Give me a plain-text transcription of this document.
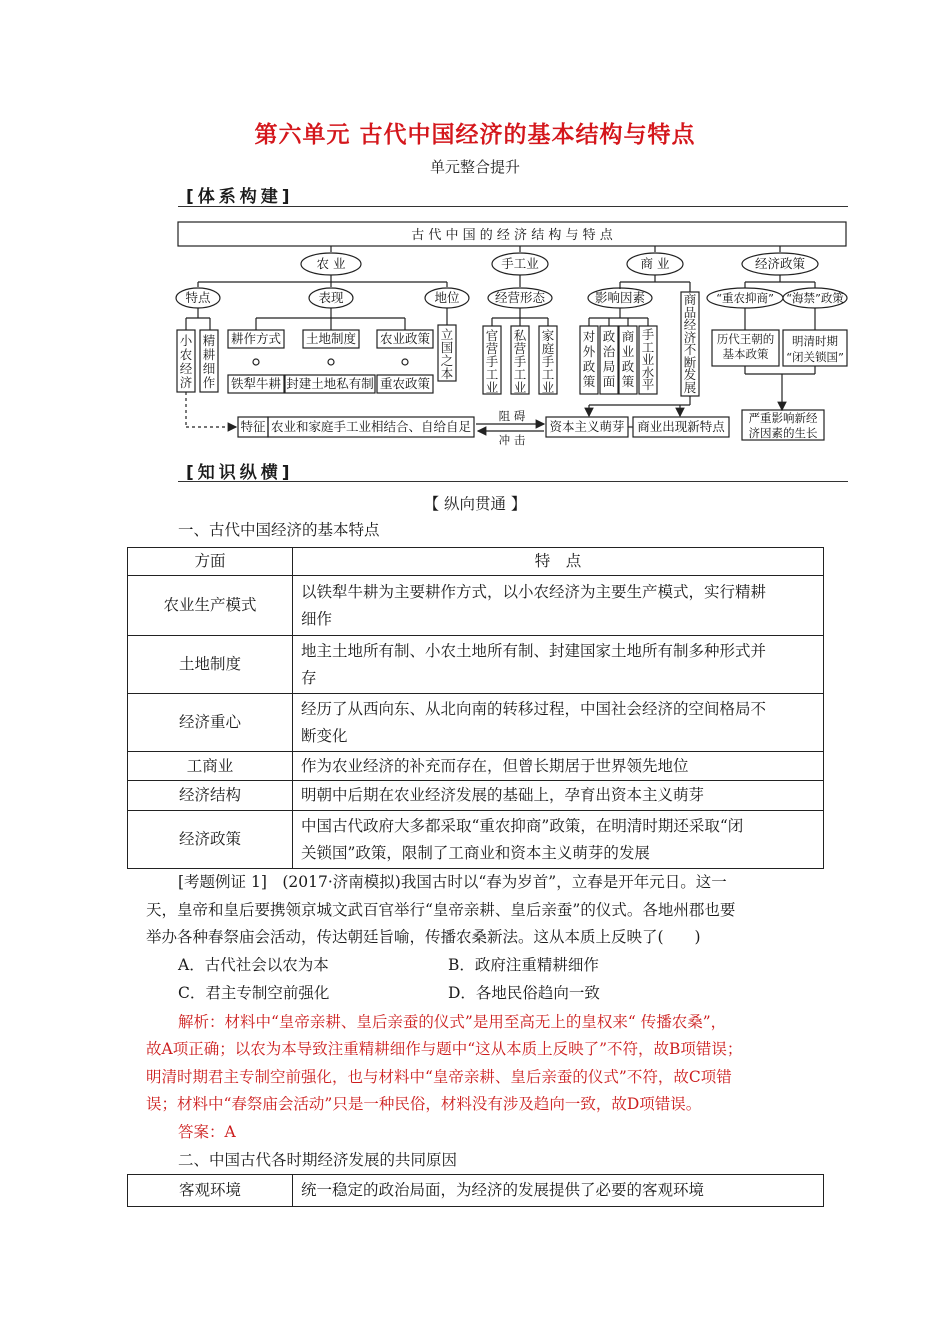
第六单元 古代中国经济的基本结构与特点
单元整合提升
[体系构建]
古 代 中 国 的 经 济 结 构 与 特 点
农 业	手工业	商 业	经济政策
特点	表现	地位
耕作方式 土地制度 农业政策
铁犁牛耕 封建土地私有制 重农政策
经营形态	影响因素	“重农抑商” “海禁”政策
历代王朝的基本政策
明清时期
“闭关锁国”
严重影响新经
济因素的生长
特征 农业和家庭手工业相结合、自给自足
阻 碍
冲 击
资本主义萌芽 商业出现新特点
小农经济
精耕细作
立国之本
官营手工业
私营手工业
家庭手工业
对外政策
政治局面
商业政策
手工业水平
商品经济不断发展
[知识纵横]
【 纵向贯通 】
一、古代中国经济的基本特点
方面	特　点
农业生产模式	以铁犁牛耕为主要耕作方式，以小农经济为主要生产模式，实行精耕
细作

土地制度	地主土地所有制、小农土地所有制、封建国家土地所有制多种形式并
存

经济重心	经历了从西向东、从北向南的转移过程，中国社会经济的空间格局不
断变化

工商业	作为农业经济的补充而存在，但曾长期居于世界领先地位
经济结构	明朝中后期在农业经济发展的基础上，孕育出资本主义萌芽
经济政策	中国古代政府大多都采取“重农抑商”政策，在明清时期还采取“闭
关锁国”政策，限制了工商业和资本主义萌芽的发展
[考题例证 1]　(2017·济南模拟)我国古时以“春为岁首”，立春是开年元日。这一
天，皇帝和皇后要携领京城文武百官举行“皇帝亲耕、皇后亲蚕”的仪式。各地州郡也要
举办各种春祭庙会活动，传达朝廷旨喻，传播农桑新法。这从本质上反映了(　　)
A．古代社会以农为本	B．政府注重精耕细作
C．君主专制空前强化	D．各地民俗趋向一致
解析：材料中“皇帝亲耕、皇后亲蚕的仪式”是用至高无上的皇权来“ 传播农桑”，
故A项正确；以农为本导致注重精耕细作与题中“这从本质上反映了”不符，故B项错误；
明清时期君主专制空前强化，也与材料中“皇帝亲耕、皇后亲蚕的仪式”不符，故C项错
误；材料中“春祭庙会活动”只是一种民俗，材料没有涉及趋向一致，故D项错误。
答案：A
二、中国古代各时期经济发展的共同原因
客观环境	统一稳定的政治局面，为经济的发展提供了必要的客观环境
